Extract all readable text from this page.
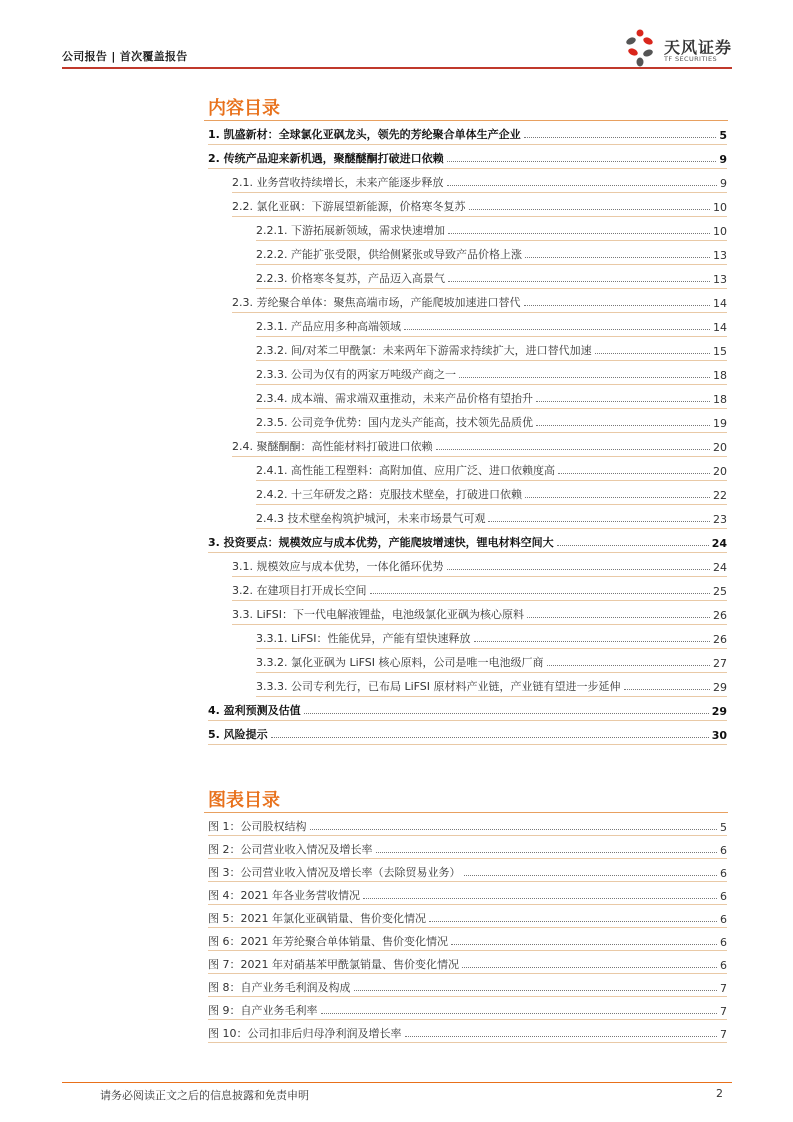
公司报告 | 首次覆盖报告	天风证券
TF SECURITIES
内容目录
1. 凯盛新材：全球氯化亚砜龙头，领先的芳纶聚合单体生产企业	5
2. 传统产品迎来新机遇，聚醚醚酮打破进口依赖	9
2.1. 业务营收持续增长，未来产能逐步释放	9
2.2. 氯化亚砜：下游展望新能源，价格寒冬复苏	10
2.2.1. 下游拓展新领域，需求快速增加	10
2.2.2. 产能扩张受限，供给侧紧张或导致产品价格上涨	13
2.2.3. 价格寒冬复苏，产品迈入高景气	13
2.3. 芳纶聚合单体：聚焦高端市场，产能爬坡加速进口替代	14
2.3.1. 产品应用多种高端领域	14
2.3.2. 间/对苯二甲酰氯：未来两年下游需求持续扩大，进口替代加速	15
2.3.3. 公司为仅有的两家万吨级产商之一	18
2.3.4. 成本端、需求端双重推动，未来产品价格有望抬升	18
2.3.5. 公司竞争优势：国内龙头产能高，技术领先品质优	19
2.4. 聚醚酮酮：高性能材料打破进口依赖	20
2.4.1. 高性能工程塑料：高附加值、应用广泛、进口依赖度高	20
2.4.2. 十三年研发之路：克服技术壁垒，打破进口依赖	22
2.4.3 技术壁垒构筑护城河，未来市场景气可观	23
3. 投资要点：规模效应与成本优势，产能爬坡增速快，锂电材料空间大	24
3.1. 规模效应与成本优势，一体化循环优势	24
3.2. 在建项目打开成长空间	25
3.3. LiFSI：下一代电解液锂盐，电池级氯化亚砜为核心原料	26
3.3.1. LiFSI：性能优异，产能有望快速释放	26
3.3.2. 氯化亚砜为 LiFSI 核心原料，公司是唯一电池级厂商	27
3.3.3. 公司专利先行，已布局 LiFSI 原材料产业链，产业链有望进一步延伸	29
4. 盈利预测及估值	29
5. 风险提示	30
图表目录
图 1：公司股权结构	5
图 2：公司营业收入情况及增长率	6
图 3：公司营业收入情况及增长率（去除贸易业务）	6
图 4：2021 年各业务营收情况	6
图 5：2021 年氯化亚砜销量、售价变化情况	6
图 6：2021 年芳纶聚合单体销量、售价变化情况	6
图 7：2021 年对硝基苯甲酰氯销量、售价变化情况	6
图 8：自产业务毛利润及构成	7
图 9：自产业务毛利率	7
图 10：公司扣非后归母净利润及增长率	7
请务必阅读正文之后的信息披露和免责申明	2
